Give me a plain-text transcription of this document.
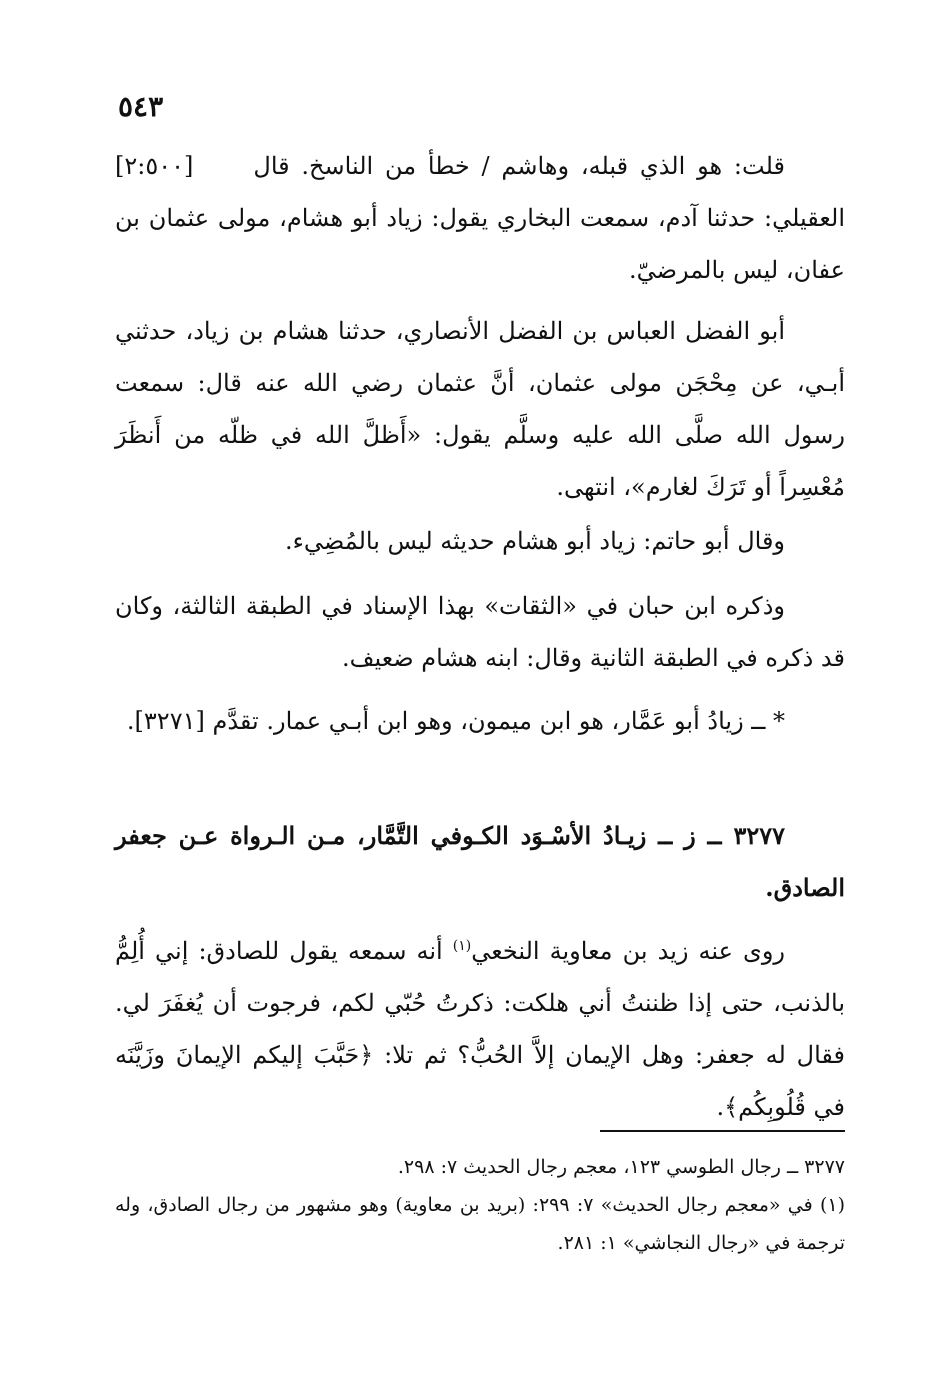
٥٤٣

[٢:٥٠٠]	قلت: هو الذي قبله، وهاشم / خطأ من الناسخ. قال العقيلي: حدثنا آدم، سمعت البخاري يقول: زياد أبو هشام، مولى عثمان بن عفان، ليس بالمرضيّ.

أبو الفضل العباس بن الفضل الأنصاري، حدثنا هشام بن زياد، حدثني أبـي، عن مِحْجَن مولى عثمان، أنَّ عثمان رضي الله عنه قال: سمعت رسول الله صلَّى الله عليه وسلَّم يقول: «أَظلَّ الله في ظلّه من أَنظَرَ مُعْسِراً أو تَرَكَ لغارم»، انتهى.

وقال أبو حاتم: زياد أبو هشام حديثه ليس بالمُضِيء.

وذكره ابن حبان في «الثقات» بهذا الإسناد في الطبقة الثالثة، وكان قد ذكره في الطبقة الثانية وقال: ابنه هشام ضعيف.

* ــ زيادُ أبو عَمَّار، هو ابن ميمون، وهو ابن أبـي عمار. تقدَّم [٣٢٧١].

٣٢٧٧ ــ ز ــ زيـادُ الأسْـوَد الكـوفي التَّمَّار، مـن الـرواة عـن جعفر الصادق.

روى عنه زيد بن معاوية النخعي$^{(١)}$ أنه سمعه يقول للصادق: إني أُلِمُّ بالذنب، حتى إذا ظننتُ أني هلكت: ذكرتُ حُبّي لكم، فرجوت أن يُغفَرَ لي. فقال له جعفر: وهل الإيمان إلاَّ الحُبُّ؟ ثم تلا: ﴿حَبَّبَ إليكم الإيمانَ وزَيَّنَه في قُلُوبِكُم﴾.

٣٢٧٧ ــ رجال الطوسي ١٢٣، معجم رجال الحديث ٧: ٢٩٨.

(١) في «معجم رجال الحديث» ٧: ٢٩٩: (بريد بن معاوية) وهو مشهور من رجال الصادق، وله ترجمة في «رجال النجاشي» ١: ٢٨١.
